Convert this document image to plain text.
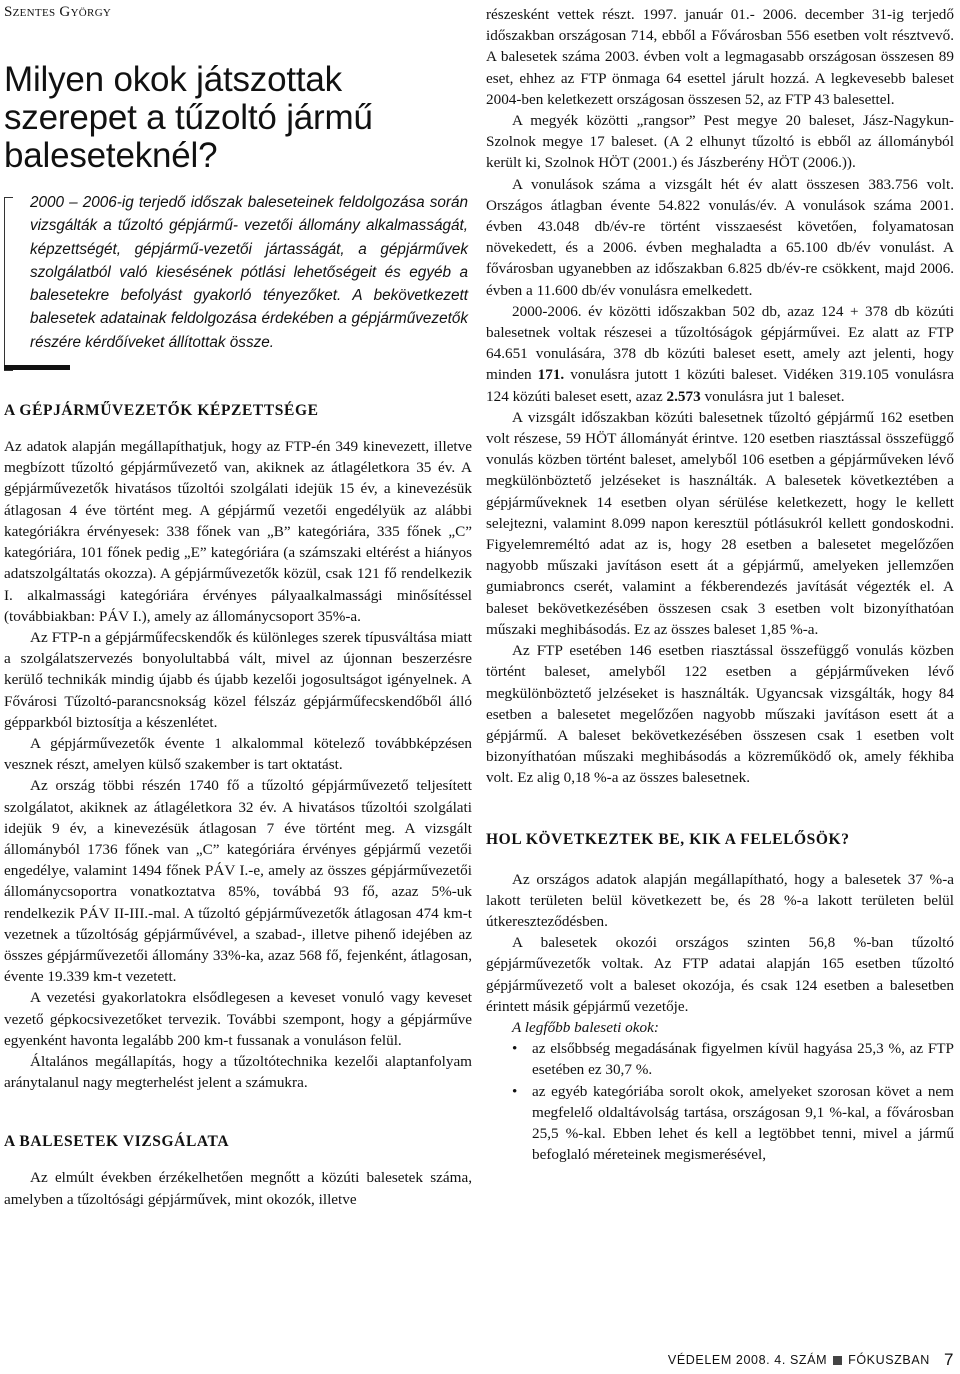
Szentes György
Milyen okok játszottak szerepet a tűzoltó jármű baleseteknél?

2000 – 2006-ig terjedő időszak baleseteinek feldolgozása során vizsgálták a tűzoltó gépjármű- vezetői állomány alkalmasságát, képzettségét, gépjármű-vezetői jártasságát, a gépjárművek szolgálatból való kiesésének pótlási lehetőségeit és egyéb a balesetekre befolyást gyakorló tényezőket. A bekövetkezett balesetek adatainak feldolgozása érdekében a gépjárművezetők részére kérdőíveket állítottak össze.

A GÉPJÁRMŰVEZETŐK KÉPZETTSÉGE

Az adatok alapján megállapíthatjuk, hogy az FTP-én 349 kinevezett, illetve megbízott tűzoltó gépjárművezető van, akiknek az átlagéletkora 35 év. A gépjárművezetők hivatásos tűzoltói szolgálati idejük 15 év, a kinevezésük átlagosan 4 éve történt meg. A gépjármű vezetői engedélyük az alábbi kategóriákra érvényesek: 338 főnek van „B” kategóriára, 335 főnek „C” kategóriára, 101 főnek pedig „E” kategóriára (a számszaki eltérést a hiányos adatszolgáltatás okozza). A gépjárművezetők közül, csak 121 fő rendelkezik I. alkalmassági kategóriára érvényes pályaalkalmassági minősítéssel (továbbiakban: PÁV I.), amely az állománycsoport 35%-a.

Az FTP-n a gépjárműfecskendők és különleges szerek típusváltása miatt a szolgálatszervezés bonyolultabbá vált, mivel az újonnan beszerzésre kerülő technikák mindig újabb és újabb kezelői jogosultságot igényelnek. A Fővárosi Tűzoltó-parancsnokság közel félszáz gépjárműfecskendőből álló gépparkból biztosítja a készenlétet.

A gépjárművezetők évente 1 alkalommal kötelező továbbképzésen vesznek részt, amelyen külső szakember is tart oktatást.

Az ország többi részén 1740 fő a tűzoltó gépjárművezető teljesített szolgálatot, akiknek az átlagéletkora 32 év. A hivatásos tűzoltói szolgálati idejük 9 év, a kinevezésük átlagosan 7 éve történt meg. A vizsgált állományból 1736 főnek van „C” kategóriára érvényes gépjármű vezetői engedélye, valamint 1494 főnek PÁV I.-e, amely az összes gépjárművezetői állománycsoportra vonatkoztatva 85%, továbbá 93 fő, azaz 5%-uk rendelkezik PÁV II-III.-mal. A tűzoltó gépjárművezetők átlagosan 474 km-t vezetnek a tűzoltóság gépjárművével, a szabad-, illetve pihenő idejében az összes gépjárművezetői állomány 33%-ka, azaz 568 fő, fejenként, átlagosan, évente 19.339 km-t vezetett.

A vezetési gyakorlatokra elsődlegesen a keveset vonuló vagy keveset vezető gépkocsivezetőket tervezik. További szempont, hogy a gépjárműve egyenként havonta legalább 200 km-t fussanak a vonuláson felül.

Általános megállapítás, hogy a tűzoltótechnika kezelői alaptanfolyam aránytalanul nagy megterhelést jelent a számukra.

A BALESETEK VIZSGÁLATA

Az elmúlt években érzékelhetően megnőtt a közúti balesetek száma, amelyben a tűzoltósági gépjárművek, mint okozók, illetve

részesként vettek részt. 1997. január 01.- 2006. december 31-ig terjedő időszakban országosan 714, ebből a Fővárosban 556 esetben volt résztvevő. A balesetek száma 2003. évben volt a legmagasabb országosan összesen 89 eset, ehhez az FTP önmaga 64 esettel járult hozzá. A legkevesebb baleset 2004-ben keletkezett országosan összesen 52, az FTP 43 balesettel.

A megyék közötti „rangsor” Pest megye 20 baleset, Jász-Nagykun-Szolnok megye 17 baleset. (A 2 elhunyt tűzoltó is ebből az állományból került ki, Szolnok HÖT (2001.) és Jászberény HÖT (2006.)).

A vonulások száma a vizsgált hét év alatt összesen 383.756 volt. Országos átlagban évente 54.822 vonulás/év. A vonulások száma 2001. évben 43.048 db/év-re történt visszaesést követően, folyamatosan növekedett, és a 2006. évben meghaladta a 65.100 db/év vonulást. A fővárosban ugyanebben az időszakban 6.825 db/év-re csökkent, majd 2006. évben a 11.600 db/év vonulásra emelkedett.

2000-2006. év közötti időszakban 502 db, azaz 124 + 378 db közúti balesetnek voltak részesei a tűzoltóságok gépjárművei. Ez alatt az FTP 64.651 vonulására, 378 db közúti baleset esett, amely azt jelenti, hogy minden 171. vonulásra jutott 1 közúti baleset. Vidéken 319.105 vonulásra 124 közúti baleset esett, azaz 2.573 vonulásra jut 1 baleset.

A vizsgált időszakban közúti balesetnek tűzoltó gépjármű 162 esetben volt részese, 59 HÖT állományát érintve. 120 esetben riasztással összefüggő vonulás közben történt baleset, amelyből 106 esetben a gépjárműveken lévő megkülönböztető jelzéseket is használták. A balesetek következtében a gépjárműveknek 14 esetben olyan sérülése keletkezett, hogy le kellett selejtezni, valamint 8.099 napon keresztül pótlásukról kellett gondoskodni. Figyelemreméltó adat az is, hogy 28 esetben a balesetet megelőzően nagyobb műszaki javításon esett át a gépjármű, amelyeken jellemzően gumiabroncs cserét, valamint a fékberendezés javítását végezték el. A baleset bekövetkezésében összesen csak 3 esetben volt bizonyíthatóan műszaki meghibásodás. Ez az összes baleset 1,85 %-a.

Az FTP esetében 146 esetben riasztással összefüggő vonulás közben történt baleset, amelyből 122 esetben a gépjárműveken lévő megkülönböztető jelzéseket is használták. Ugyancsak vizsgálták, hogy 84 esetben a balesetet megelőzően nagyobb műszaki javításon esett át a gépjármű. A baleset bekövetkezésében összesen csak 1 esetben volt bizonyíthatóan műszaki meghibásodás a közreműködő ok, amely fékhiba volt. Ez alig 0,18 %-a az összes balesetnek.

HOL KÖVETKEZTEK BE, KIK A FELELŐSÖK?

Az országos adatok alapján megállapítható, hogy a balesetek 37 %-a lakott területen belül következett be, és 28 %-a lakott területen belül útkereszteződésben.

A balesetek okozói országos szinten 56,8 %-ban tűzoltó gépjárművezetők voltak. Az FTP adatai alapján 165 esetben tűzoltó gépjárművezető volt a baleset okozója, és csak 124 esetben a balesetben érintett másik gépjármű vezetője.

A legfőbb baleseti okok:

• az elsőbbség megadásának figyelmen kívül hagyása 25,3 %, az FTP esetében ez 30,7 %.
• az egyéb kategóriába sorolt okok, amelyeket szorosan követ a nem megfelelő oldaltávolság tartása, országosan 9,1 %-kal, a fővárosban 25,5 %-kal. Ebben lehet és kell a legtöbbet tenni, mivel a jármű befoglaló méreteinek megismerésével,
VÉDELEM 2008. 4. SZÁM FÓKUSZBAN 7
